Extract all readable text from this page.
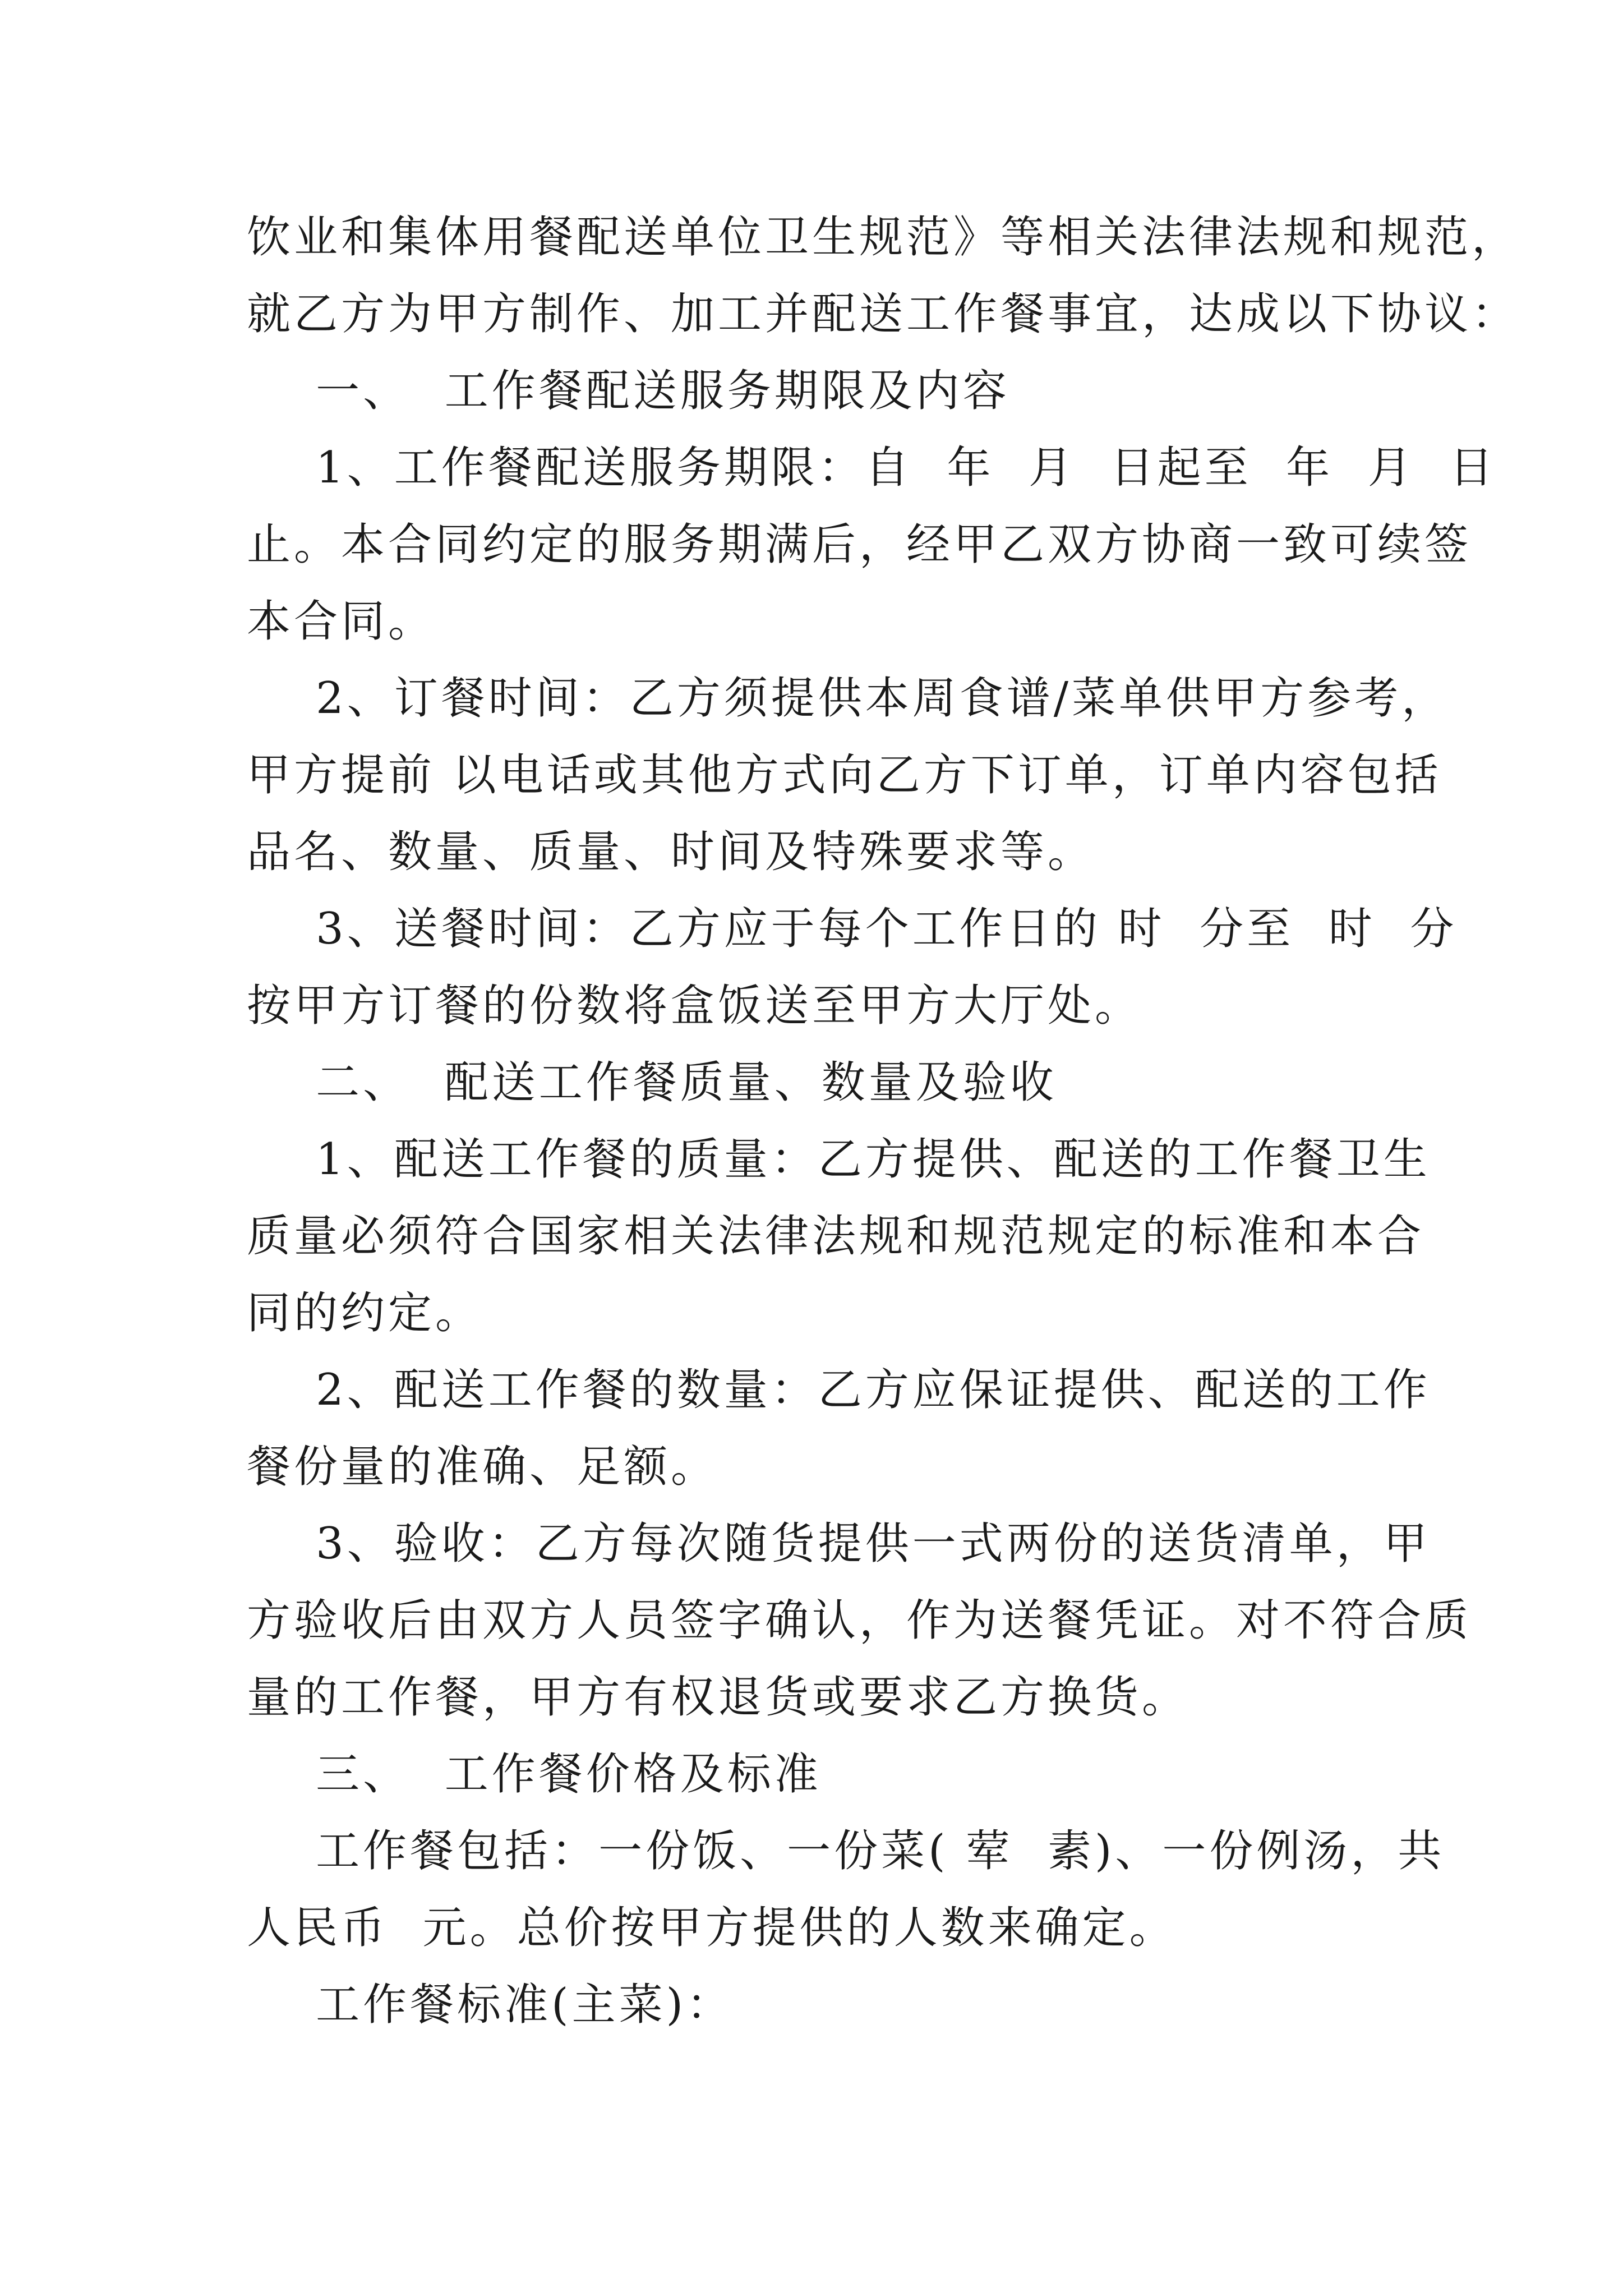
饮业和集体用餐配送单位卫生规范》等相关法律法规和规范，
就乙方为甲方制作、加工并配送工作餐事宜，达成以下协议：
一、  工作餐配送服务期限及内容
1、工作餐配送服务期限：自  年  月  日起至  年  月  日
止。本合同约定的服务期满后，经甲乙双方协商一致可续签
本合同。
2、订餐时间：乙方须提供本周食谱/菜单供甲方参考，
甲方提前 以电话或其他方式向乙方下订单，订单内容包括
品名、数量、质量、时间及特殊要求等。
3、送餐时间：乙方应于每个工作日的 时  分至  时  分
按甲方订餐的份数将盒饭送至甲方大厅处。
二、  配送工作餐质量、数量及验收
1、配送工作餐的质量：乙方提供、配送的工作餐卫生
质量必须符合国家相关法律法规和规范规定的标准和本合
同的约定。
2、配送工作餐的数量：乙方应保证提供、配送的工作
餐份量的准确、足额。
3、验收：乙方每次随货提供一式两份的送货清单，甲
方验收后由双方人员签字确认，作为送餐凭证。对不符合质
量的工作餐，甲方有权退货或要求乙方换货。
三、  工作餐价格及标准
工作餐包括：一份饭、一份菜( 荤  素)、一份例汤，共
人民币  元。总价按甲方提供的人数来确定。
工作餐标准(主菜)：
